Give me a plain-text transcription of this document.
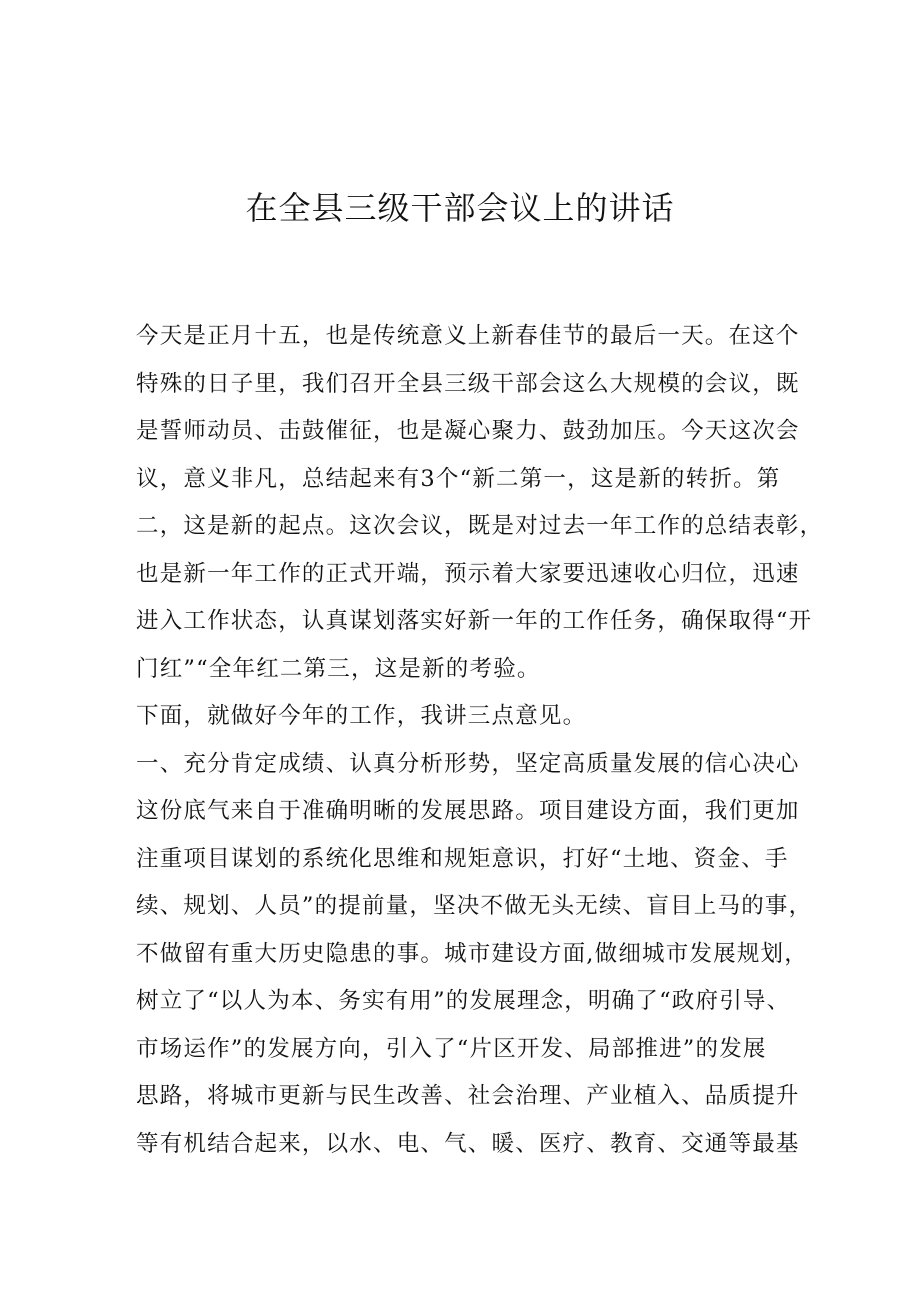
在全县三级干部会议上的讲话
今天是正月十五，也是传统意义上新春佳节的最后一天。在这个
特殊的日子里，我们召开全县三级干部会这么大规模的会议，既
是誓师动员、击鼓催征，也是凝心聚力、鼓劲加压。今天这次会
议，意义非凡，总结起来有3个“新二第一，这是新的转折。第
二，这是新的起点。这次会议，既是对过去一年工作的总结表彰，
也是新一年工作的正式开端，预示着大家要迅速收心归位，迅速
进入工作状态，认真谋划落实好新一年的工作任务，确保取得“开
门红”“全年红二第三，这是新的考验。
下面，就做好今年的工作，我讲三点意见。
一、充分肯定成绩、认真分析形势，坚定高质量发展的信心决心
这份底气来自于准确明晰的发展思路。项目建设方面，我们更加
注重项目谋划的系统化思维和规矩意识，打好“土地、资金、手
续、规划、人员”的提前量，坚决不做无头无续、盲目上马的事，
不做留有重大历史隐患的事。城市建设方面,做细城市发展规划，
树立了“以人为本、务实有用”的发展理念，明确了“政府引导、
市场运作”的发展方向，引入了“片区开发、局部推进”的发展
思路，将城市更新与民生改善、社会治理、产业植入、品质提升
等有机结合起来，以水、电、气、暖、医疗、教育、交通等最基
